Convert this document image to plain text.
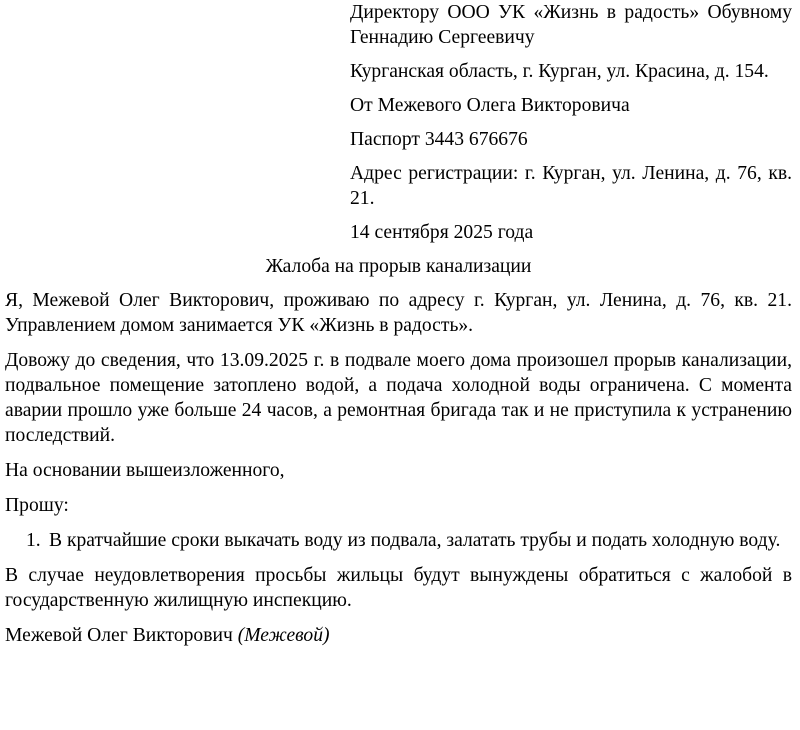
Директору ООО УК «Жизнь в радость» Обувному Геннадию Сергеевичу

Курганская область, г. Курган, ул. Красина, д. 154.

От Межевого Олега Викторовича

Паспорт 3443 676676

Адрес регистрации: г. Курган, ул. Ленина, д. 76, кв. 21.

14 сентября 2025 года

Жалоба на прорыв канализации

Я, Межевой Олег Викторович, проживаю по адресу г. Курган, ул. Ленина, д. 76, кв. 21. Управлением домом занимается УК «Жизнь в радость».

Довожу до сведения, что 13.09.2025 г. в подвале моего дома произошел прорыв канализации, подвальное помещение затоплено водой, а подача холодной воды ограничена. С момента аварии прошло уже больше 24 часов, а ремонтная бригада так и не приступила к устранению последствий.

На основании вышеизложенного,

Прошу:

1. В кратчайшие сроки выкачать воду из подвала, залатать трубы и подать холодную воду.

В случае неудовлетворения просьбы жильцы будут вынуждены обратиться с жалобой в государственную жилищную инспекцию.

Межевой Олег Викторович (Межевой)
